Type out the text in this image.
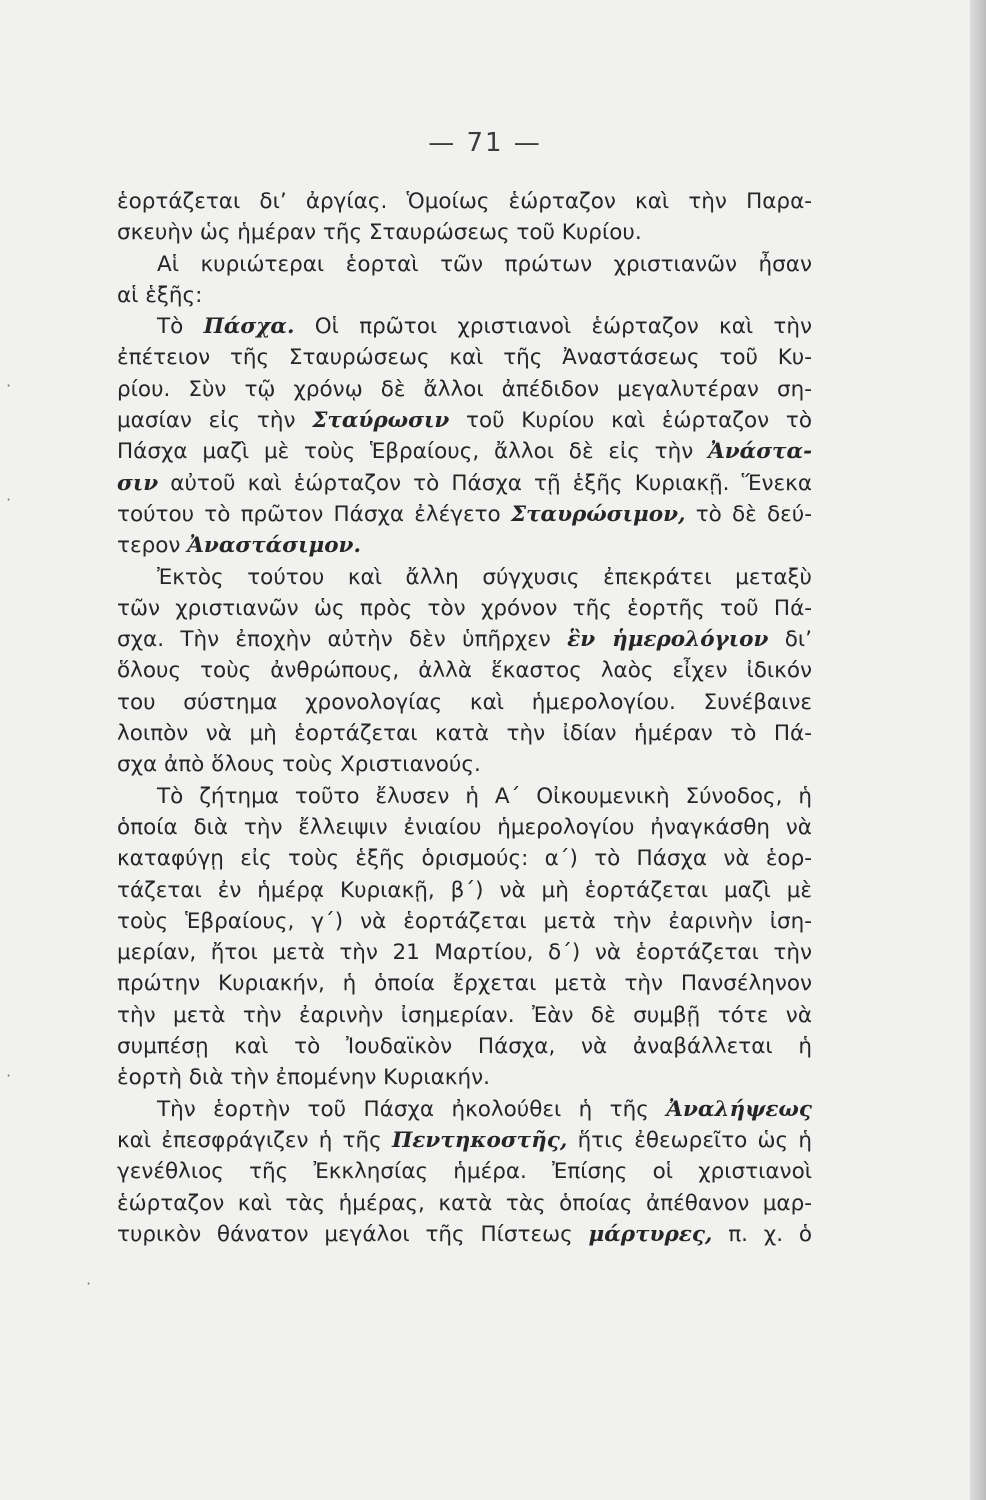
— 71 —
ἑορτάζεται δι’ ἀργίας. Ὁμοίως ἑώρταζον καὶ τὴν Παρα-
σκευὴν ὡς ἡμέραν τῆς Σταυρώσεως τοῦ Κυρίου.
Αἱ κυριώτεραι ἑορταὶ τῶν πρώτων χριστιανῶν ἦσαν
αἱ ἑξῆς:
Τὸ Πάσχα. Οἱ πρῶτοι χριστιανοὶ ἑώρταζον καὶ τὴν
ἐπέτειον τῆς Σταυρώσεως καὶ τῆς Ἀναστάσεως τοῦ Κυ-
ρίου. Σὺν τῷ χρόνῳ δὲ ἄλλοι ἀπέδιδον μεγαλυτέραν ση-
μασίαν εἰς τὴν Σταύρωσιν τοῦ Κυρίου καὶ ἑώρταζον τὸ
Πάσχα μαζὶ μὲ τοὺς Ἑβραίους, ἄλλοι δὲ εἰς τὴν Ἀνάστα-
σιν αὐτοῦ καὶ ἑώρταζον τὸ Πάσχα τῇ ἑξῆς Κυριακῇ. Ἕνεκα
τούτου τὸ πρῶτον Πάσχα ἐλέγετο Σταυρώσιμον, τὸ δὲ δεύ-
τερον Ἀναστάσιμον.
Ἐκτὸς τούτου καὶ ἄλλη σύγχυσις ἐπεκράτει μεταξὺ
τῶν χριστιανῶν ὡς πρὸς τὸν χρόνον τῆς ἑορτῆς τοῦ Πά-
σχα. Τὴν ἐποχὴν αὐτὴν δὲν ὑπῆρχεν ἓν ἡμερολόγιον δι’
ὅλους τοὺς ἀνθρώπους, ἀλλὰ ἕκαστος λαὸς εἶχεν ἰδικόν
του σύστημα χρονολογίας καὶ ἡμερολογίου. Συνέβαινε
λοιπὸν νὰ μὴ ἑορτάζεται κατὰ τὴν ἰδίαν ἡμέραν τὸ Πά-
σχα ἀπὸ ὅλους τοὺς Χριστιανούς.
Τὸ ζήτημα τοῦτο ἔλυσεν ἡ Α΄ Οἰκουμενικὴ Σύνοδος, ἡ
ὁποία διὰ τὴν ἔλλειψιν ἐνιαίου ἡμερολογίου ἠναγκάσθη νὰ
καταφύγῃ εἰς τοὺς ἑξῆς ὁρισμούς: α΄) τὸ Πάσχα νὰ ἑορ-
τάζεται ἐν ἡμέρᾳ Κυριακῇ, β΄) νὰ μὴ ἑορτάζεται μαζὶ μὲ
τοὺς Ἑβραίους, γ΄) νὰ ἑορτάζεται μετὰ τὴν ἐαρινὴν ἰση-
μερίαν, ἤτοι μετὰ τὴν 21 Μαρτίου, δ΄) νὰ ἑορτάζεται τὴν
πρώτην Κυριακήν, ἡ ὁποία ἔρχεται μετὰ τὴν Πανσέληνον
τὴν μετὰ τὴν ἐαρινὴν ἰσημερίαν. Ἐὰν δὲ συμβῇ τότε νὰ
συμπέσῃ καὶ τὸ Ἰουδαϊκὸν Πάσχα, νὰ ἀναβάλλεται ἡ
ἑορτὴ διὰ τὴν ἐπομένην Κυριακήν.
Τὴν ἑορτὴν τοῦ Πάσχα ἠκολούθει ἡ τῆς Ἀναλήψεως
καὶ ἐπεσφράγιζεν ἡ τῆς Πεντηκοστῆς, ἥτις ἐθεωρεῖτο ὡς ἡ
γενέθλιος τῆς Ἐκκλησίας ἡμέρα. Ἐπίσης οἱ χριστιανοὶ
ἑώρταζον καὶ τὰς ἡμέρας, κατὰ τὰς ὁποίας ἀπέθανον μαρ-
τυρικὸν θάνατον μεγάλοι τῆς Πίστεως μάρτυρες, π. χ. ὁ
·
·
·
·
